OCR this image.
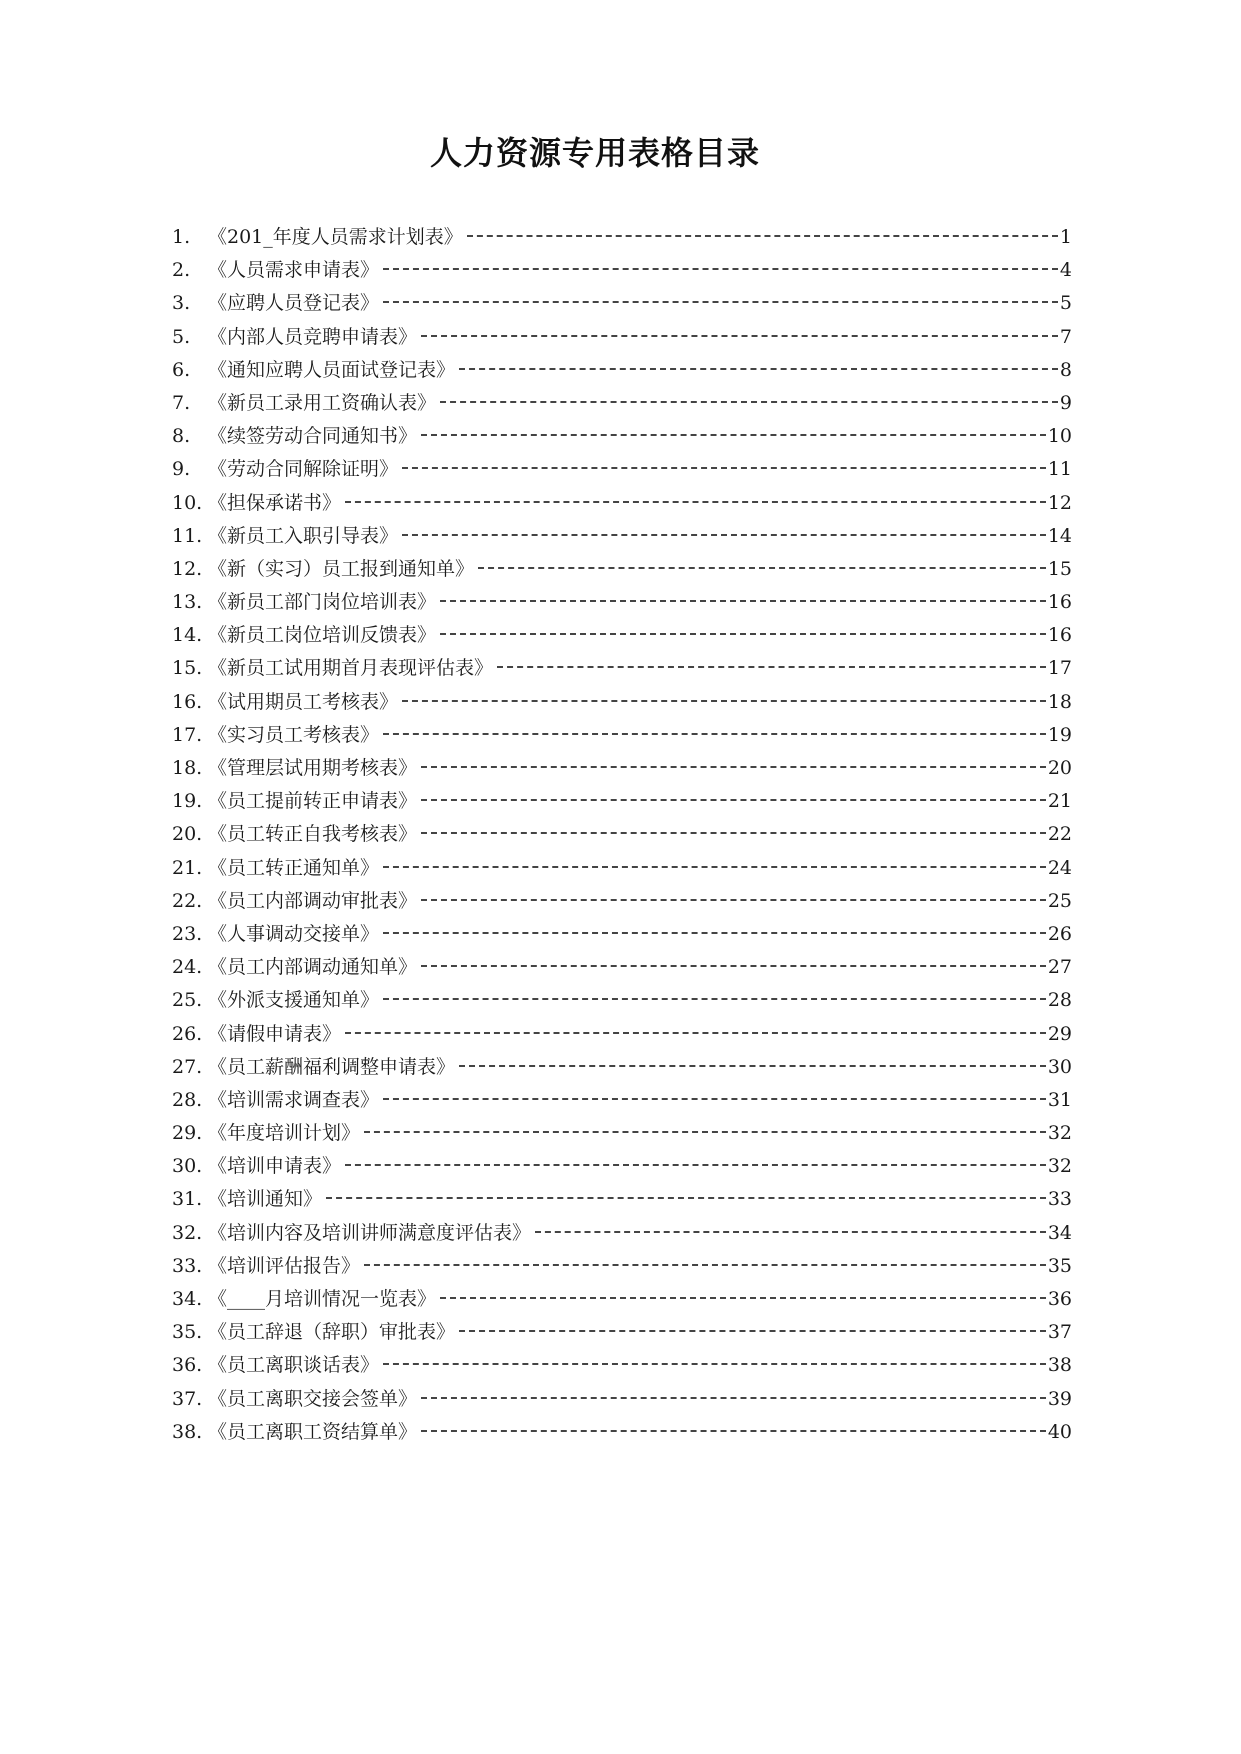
人力资源专用表格目录
1. 《201_年度人员需求计划表》	1
2. 《人员需求申请表》	4
3. 《应聘人员登记表》	5
5. 《内部人员竞聘申请表》	7
6. 《通知应聘人员面试登记表》	8
7. 《新员工录用工资确认表》	9
8. 《续签劳动合同通知书》	10
9. 《劳动合同解除证明》	11
10. 《担保承诺书》	12
11. 《新员工入职引导表》	14
12. 《新（实习）员工报到通知单》	15
13. 《新员工部门岗位培训表》	16
14. 《新员工岗位培训反馈表》	16
15. 《新员工试用期首月表现评估表》	17
16. 《试用期员工考核表》	18
17. 《实习员工考核表》	19
18. 《管理层试用期考核表》	20
19. 《员工提前转正申请表》	21
20. 《员工转正自我考核表》	22
21. 《员工转正通知单》	24
22. 《员工内部调动审批表》	25
23. 《人事调动交接单》	26
24. 《员工内部调动通知单》	27
25. 《外派支援通知单》	28
26. 《请假申请表》	29
27. 《员工薪酬福利调整申请表》	30
28. 《培训需求调查表》	31
29. 《年度培训计划》	32
30. 《培训申请表》	32
31. 《培训通知》	33
32. 《培训内容及培训讲师满意度评估表》	34
33. 《培训评估报告》	35
34. 《____月培训情况一览表》	36
35. 《员工辞退（辞职）审批表》	37
36. 《员工离职谈话表》	38
37. 《员工离职交接会签单》	39
38. 《员工离职工资结算单》	40
